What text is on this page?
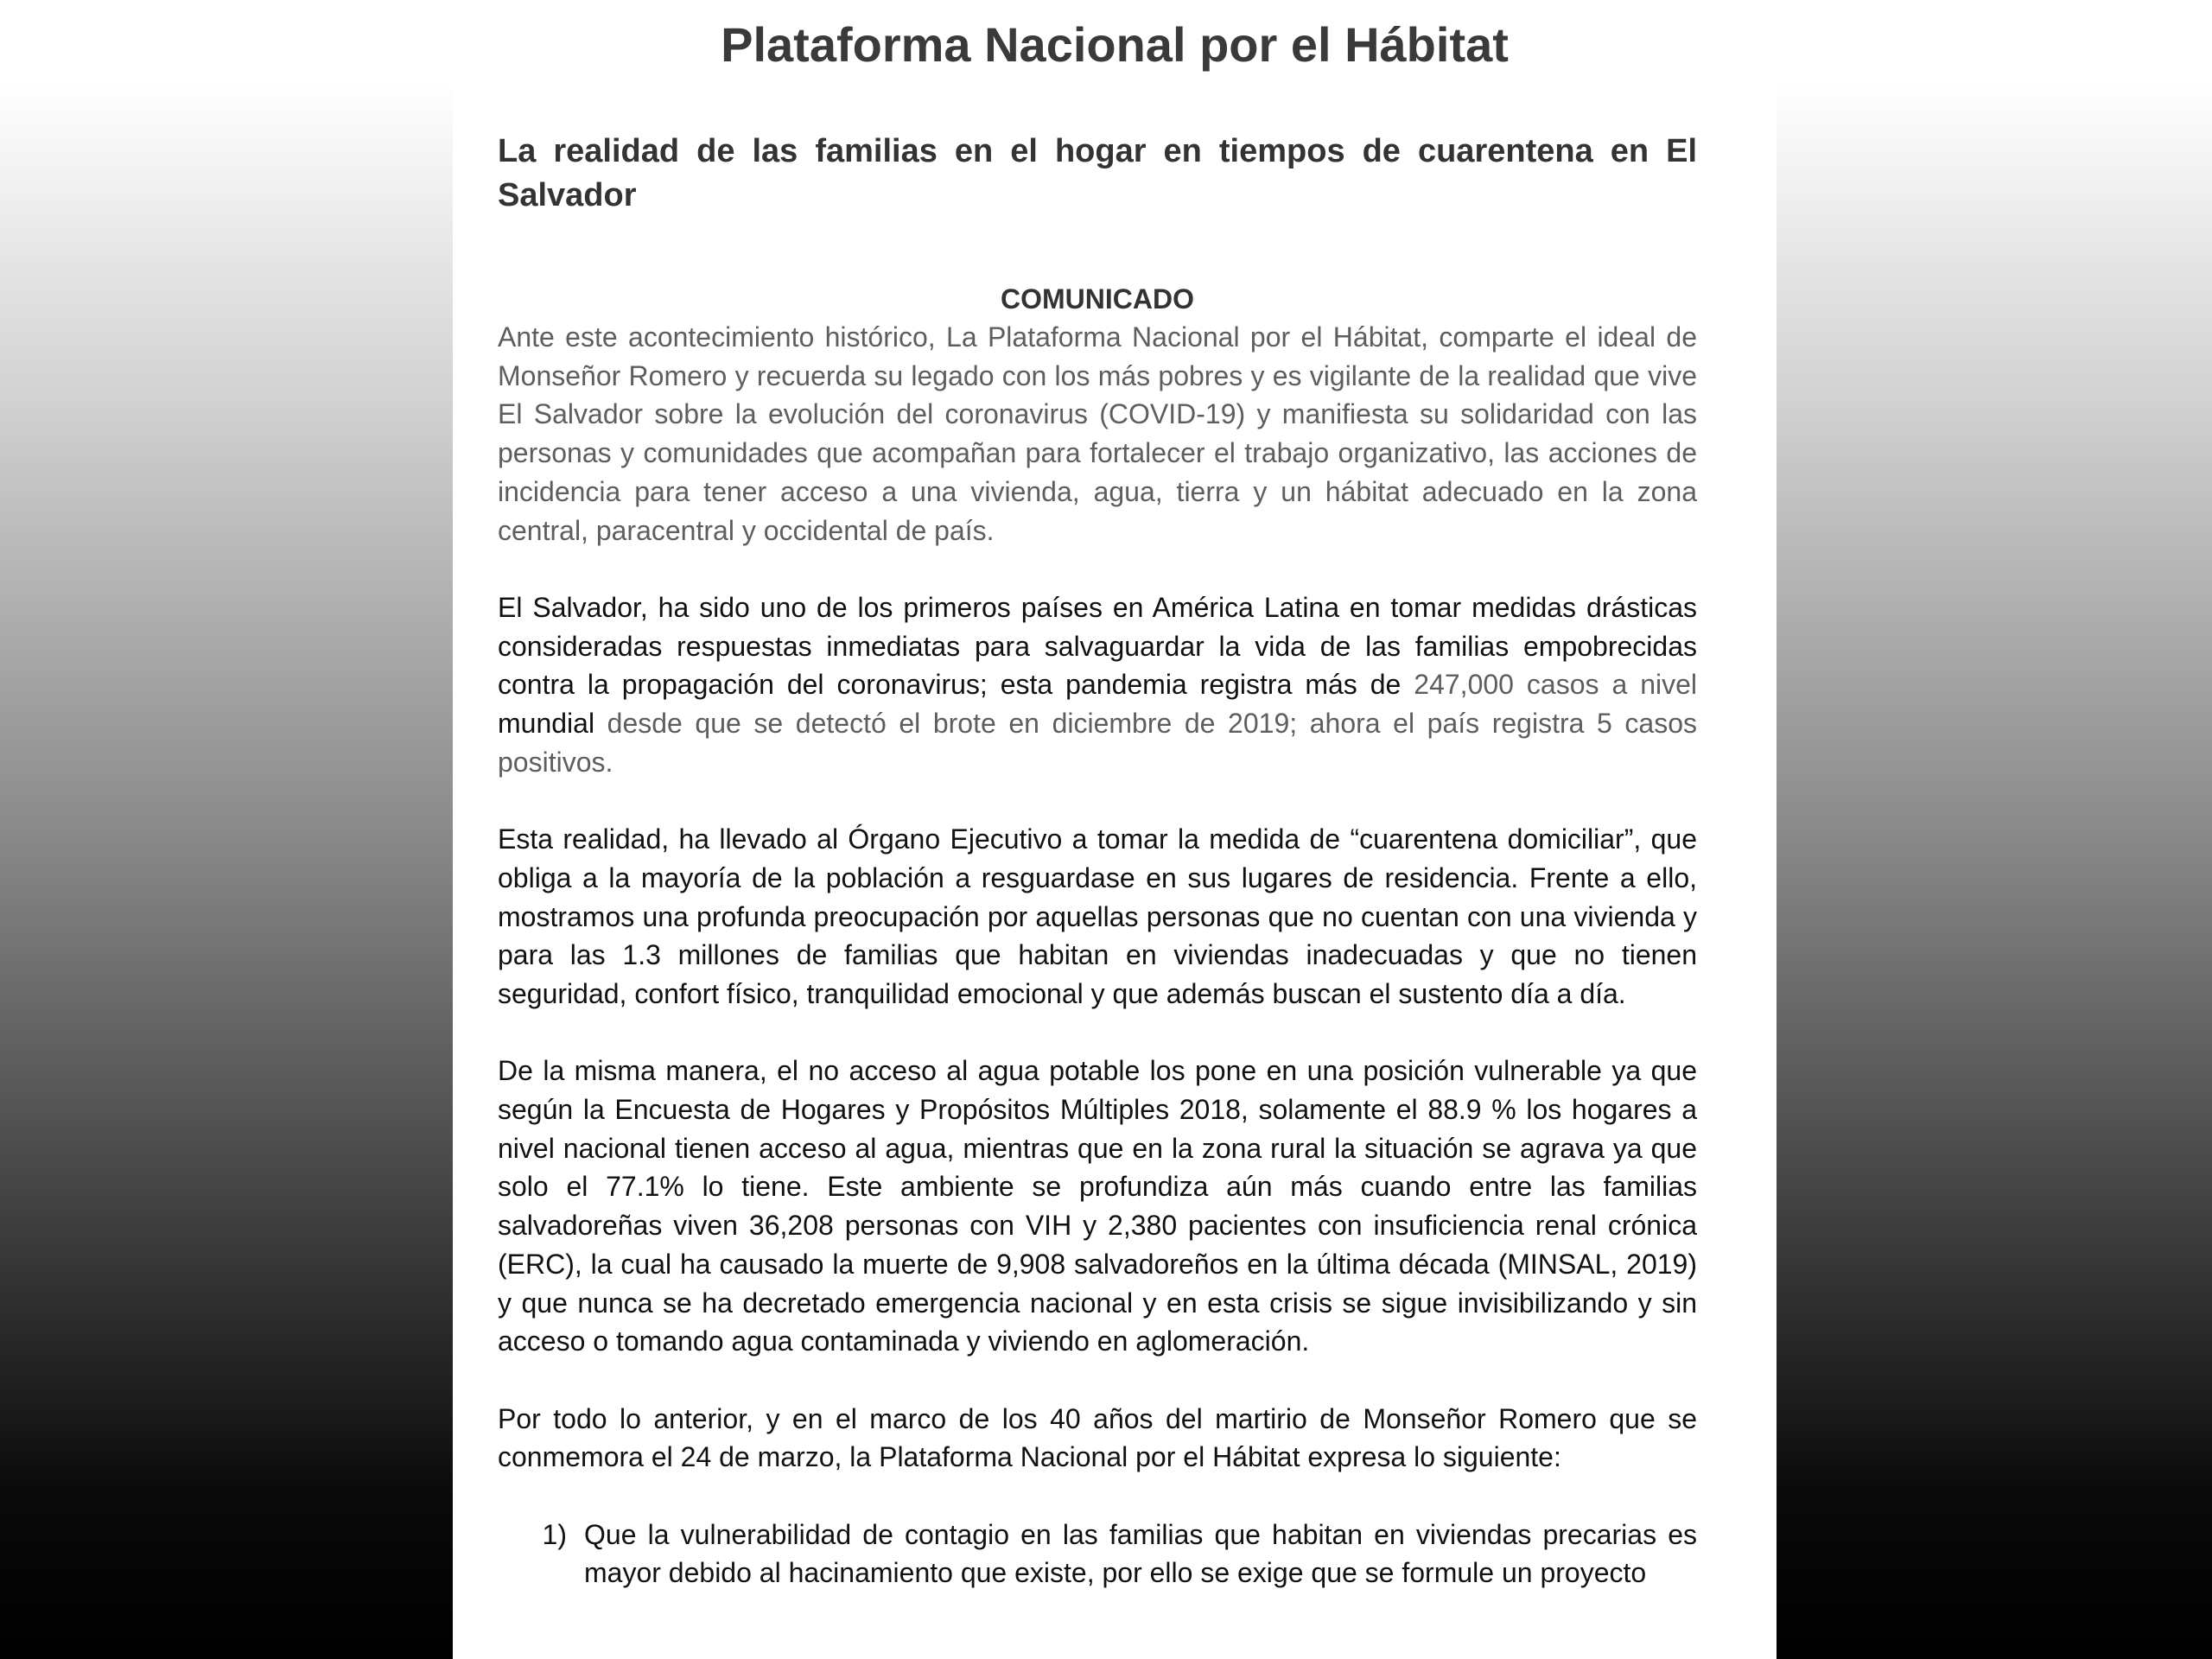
Plataforma Nacional por el Hábitat
La realidad de las familias en el hogar en tiempos de cuarentena en El Salvador
COMUNICADO

Ante este acontecimiento histórico, La Plataforma Nacional por el Hábitat, comparte el ideal de Monseñor Romero y recuerda su legado con los más pobres y es vigilante de la realidad que vive El Salvador sobre la evolución del coronavirus (COVID-19) y manifiesta su solidaridad con las personas y comunidades que acompañan para fortalecer el trabajo organizativo, las acciones de incidencia para tener acceso a una vivienda, agua, tierra y un hábitat adecuado en la zona central, paracentral y occidental de país.

El Salvador, ha sido uno de los primeros países en América Latina en tomar medidas drásticas consideradas respuestas inmediatas para salvaguardar la vida de las familias empobrecidas contra la propagación del coronavirus; esta pandemia registra más de 247,000 casos a nivel mundial desde que se detectó el brote en diciembre de 2019; ahora el país registra 5 casos positivos.

Esta realidad, ha llevado al Órgano Ejecutivo a tomar la medida de “cuarentena domiciliar”, que obliga a la mayoría de la población a resguardase en sus lugares de residencia. Frente a ello, mostramos una profunda preocupación por aquellas personas que no cuentan con una vivienda y para las 1.3 millones de familias que habitan en viviendas inadecuadas y que no tienen seguridad, confort físico, tranquilidad emocional y que además buscan el sustento día a día.

De la misma manera, el no acceso al agua potable los pone en una posición vulnerable ya que según la Encuesta de Hogares y Propósitos Múltiples 2018, solamente el 88.9 % los hogares a nivel nacional tienen acceso al agua, mientras que en la zona rural la situación se agrava ya que solo el 77.1% lo tiene. Este ambiente se profundiza aún más cuando entre las familias salvadoreñas viven 36,208 personas con VIH y 2,380 pacientes con insuficiencia renal crónica (ERC), la cual ha causado la muerte de 9,908 salvadoreños en la última década (MINSAL, 2019) y que nunca se ha decretado emergencia nacional y en esta crisis se sigue invisibilizando y sin acceso o tomando agua contaminada y viviendo en aglomeración.

Por todo lo anterior, y en el marco de los 40 años del martirio de Monseñor Romero que se conmemora el 24 de marzo, la Plataforma Nacional por el Hábitat expresa lo siguiente:

1) Que la vulnerabilidad de contagio en las familias que habitan en viviendas precarias es mayor debido al hacinamiento que existe, por ello se exige que se formule un proyecto
